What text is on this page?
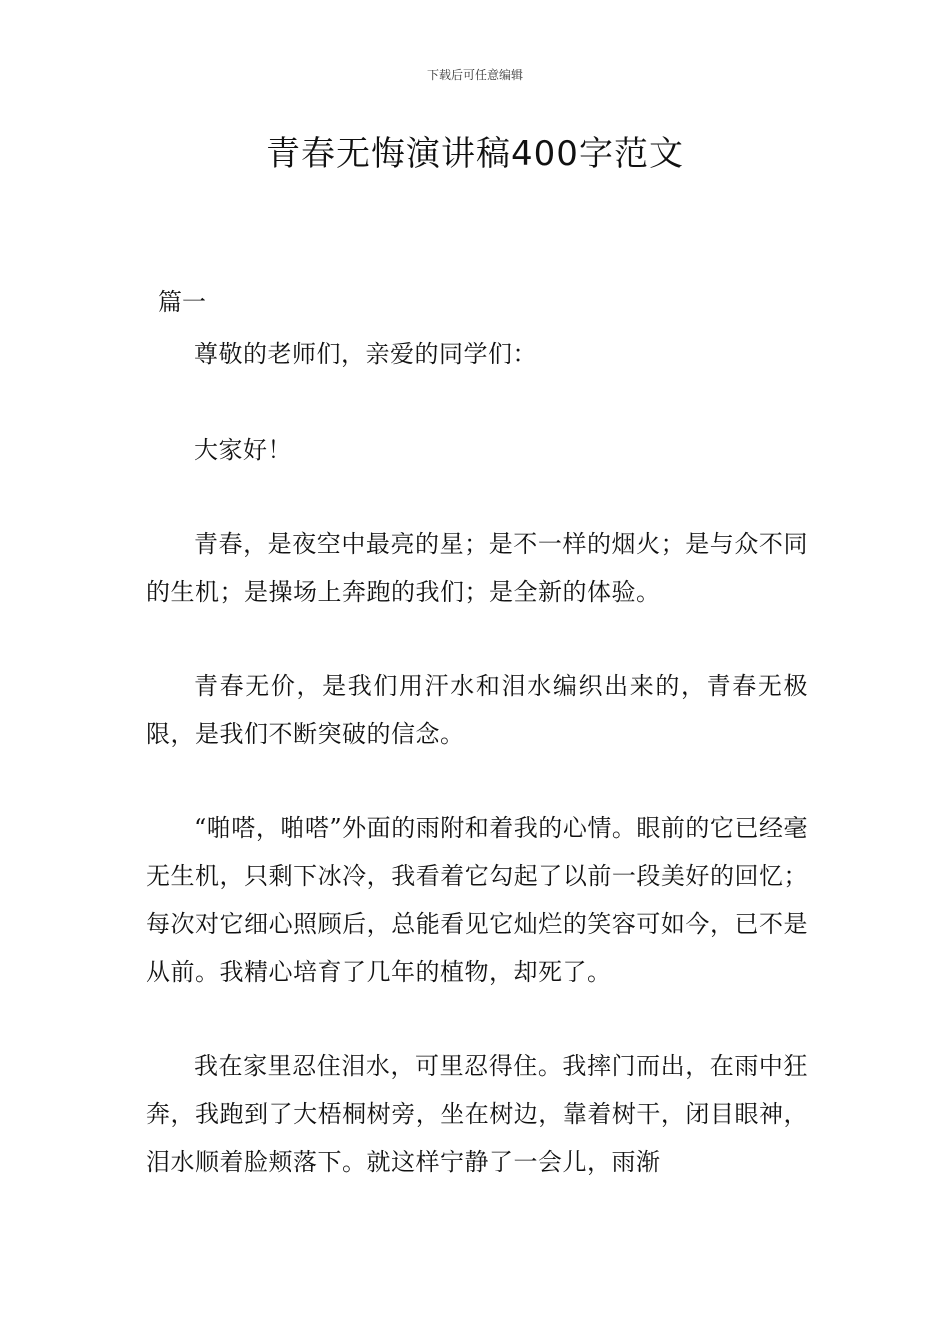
下载后可任意编辑
青春无悔演讲稿400字范文
篇一

尊敬的老师们，亲爱的同学们：

大家好！

青春，是夜空中最亮的星；是不一样的烟火；是与众不同的生机；是操场上奔跑的我们；是全新的体验。

青春无价，是我们用汗水和泪水编织出来的，青春无极限，是我们不断突破的信念。

“啪嗒，啪嗒”外面的雨附和着我的心情。眼前的它已经毫无生机，只剩下冰冷，我看着它勾起了以前一段美好的回忆；每次对它细心照顾后，总能看见它灿烂的笑容可如今，已不是从前。我精心培育了几年的植物，却死了。

我在家里忍住泪水，可里忍得住。我摔门而出，在雨中狂奔，我跑到了大梧桐树旁，坐在树边，靠着树干，闭目眼神，泪水顺着脸颊落下。就这样宁静了一会儿，雨渐
